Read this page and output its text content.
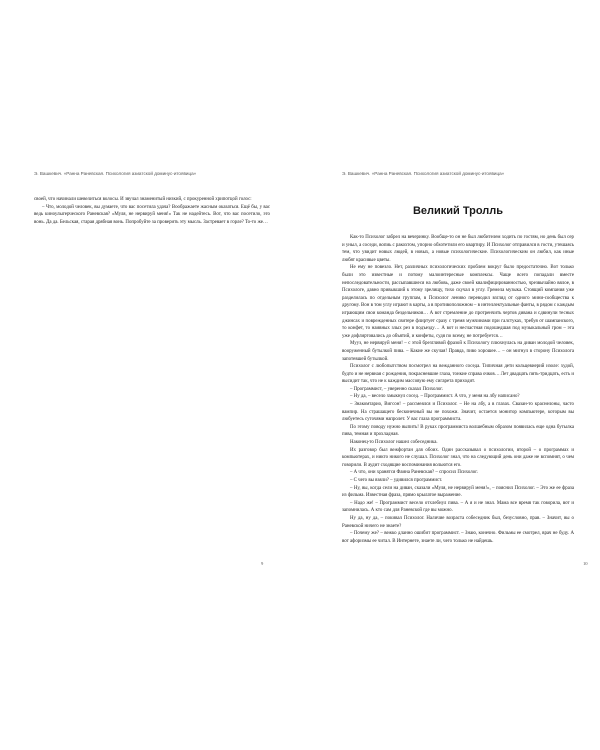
Э. Вашкевич. «Ранна Раневская. Психология азиатской доминуc-итоявица»

своей, что начинали шевелиться волосы. И звучал знаменитый низкий, с прокуренной хрипотцой голос:

– Что, молодой человек, вы думаете, что вас посетила удача? Воображаете жасным оказаться. Ещё бы, у вас ведь киноулыгерческого Раневская? «Муля, не нервируй меня!» Так не надейтесь. Вот, что вас посетило, это вонь. Да да. Бельская, старая дрябная вонь. Попробуйте за проверить эту мысль. Застревает в горле? То-то же…

9
Э. Вашкевич. «Ранна Раневская. Психология азиатской доминуc-итоявица»
Великий Тролль

Как-то Психолог забрел на вечеринку. Вообще-то он не был любителем ходить по гостям, но день был сер и уныл, а соседи, вопиь с ракохтом, упорно обхотетили его квартиру. И Психолог отправился в гости, утешаясь тем, что увидит новых людей, в новых, а новые психологические. Психологическим он любил, как иные любят красивые цветы.

Не ему не повезло. Нет, различных психологических проблем вокруг было предостаточно. Вот только были это известные и потому малоинтересные комплексы. Чаще всего попадали вместе непоследовательности, рассыпавшиеся на любовь, даже своей квалифицированностью, чрезвычайно вялое, в Психологе, давно привыкший к этому зрелищу, тихо скучал в углу. Гремела музыка. Стоящий компания уже разделилась по отдельным группам, в Психолог лениво переводил взгляд от одного мини-сообщества к другому. Вон в том углу играют в карты, а в противоположном – в интеллектуальные фанты, в рядом с каждым играющим свои команда бездельников… А вот стремление до протренчить чертов дивана и сдвинули тесных джинсах и поврежденных свитере флиртует сразу с тремя мужчинами при галстуках, требуя от шампанского, то конфет, то наивных злых рез в подъезду… А вот и несчастная подошедшая под музыкальный гром – эта уже дофлиртовались до объятий, и конфеты, судя по всему, не потребуется…

Мууз, не нервируй меня! – с этой брезгливой фразой к Психологу плюхнулась на диван молодой человек, вооруженный бутылкой пива. – Какие же скучая! Правда, пиво хорошее… – он мигнул в сторону Психолога запотевшей бутылкой.

Психолог с любопытством посмотрел на вежданного соседа. Типичная дети кольцевиерий изоле: худой, будто и не нервная с рождения, покрасневшие глаза, тонкие справа очков… Лет двадцать пять-тридцать, есть и высидит так, что не к каждим массовую ему сигарета приходит.

– Программист, – уверенно сказал Психолог.

– Ну да, – весело хмыкнул сосед. – Программист. А что, у меня на лбу написано?

– Знакомтарио, Вигсон! – рассмеялся и Психолог. – Не на лбу, а в глазах. Свазан-то краснелоны, часто вампир. На страшащего бесконечный вы не похожи. Значит, остается монитор компьютере, которым вы любуетесь суточями напролет. У вас глаза программиста.

По этому поводу нужно выпить! В руках программиста волшебным образом появилась еще одна бутылка пива, темная и прохладная.

Наконец-то Психолог нашел собеседника.

Их разговор был вежфортан для обоих. Один рассказывал о психологии, второй – о программах и компьютерах, и никто никого не слушал. Психолог знал, что на следующий день они даже не вспомнят, о чем говорили. В аудит сходящие воспоминания вольются его.

– А что, они хранятся Фаина Раневская? – спросил Психолог.

– С чего вы взяли? – удивился программист.

– Ну, вы, когда сели на диван, сказали «Муля, не нервируй меня!», – пояснил Психолог. – Это же ее фраза из фильма. Известная фраза, прямо крылатое выражение.

– Надо же! – Программист весело отхлебнул пива. – А я и не знал. Мама все время так говорила, вот и запомнилась. А кто сам для Раневской где вы можно.

Ну да, ну да, – покивал Психолог. Наличие возраста собеседник был, безусловно, прав. – Значит, вы о Раневской ничего не знаете?

– Почему же? – вежко дланно ошибит программист. – Знаю, конечно. Фильмы ее смотрел, врач не буду. А вот афоризмы ее читал. В Интернете, знаете ли, чего только не найдешь.

10
